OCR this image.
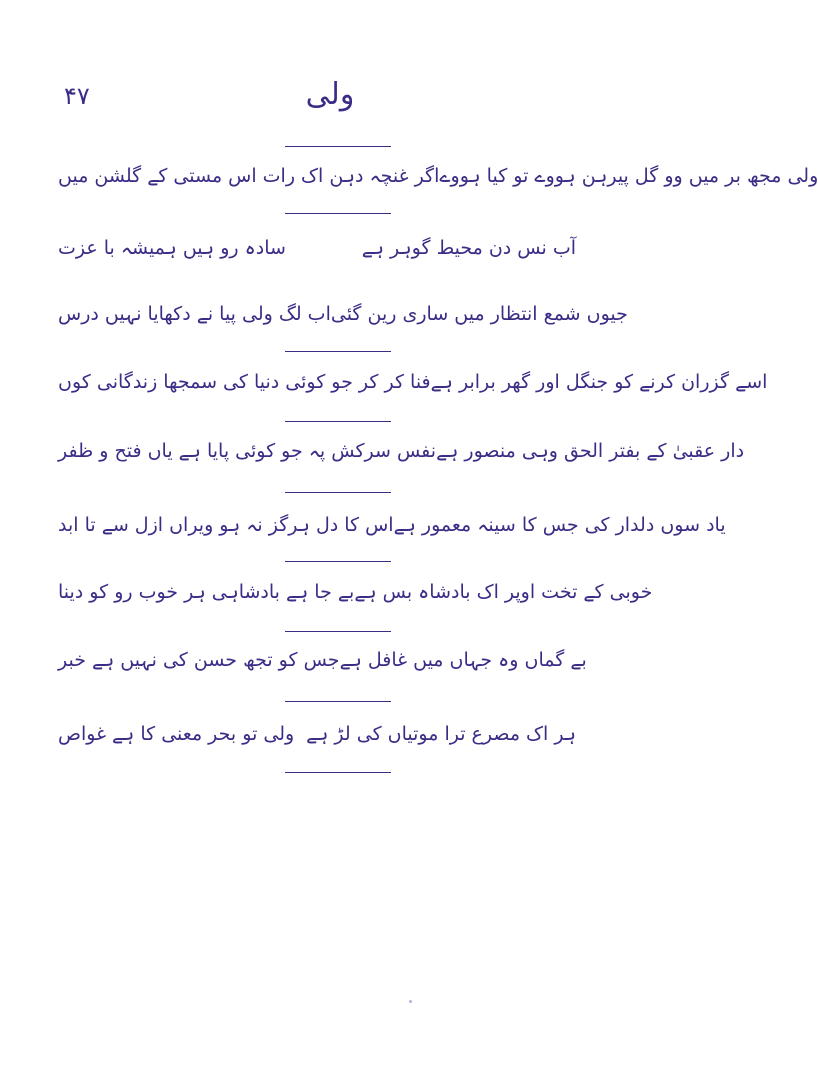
۴۷	ولی
اگر غنچہ دہن اک رات اس مستی کے گلشن میں ولی مجھ بر میں وو گل پیرہن ہووے تو کیا ہووے
سادہ رو ہیں ہمیشہ با عزت	آب نس دن محیط گوہر ہے
اب لگ ولی پیا نے دکھایا نہیں درس جیوں شمع انتظار میں ساری رین گئی
فنا کر کر جو کوئی دنیا کی سمجھا زندگانی کوں اسے گزران کرنے کو جنگل اور گھر برابر ہے
نفس سرکش پہ جو کوئی پایا ہے یاں فتح و ظفر دار عقبیٰ کے بفتر الحق وہی منصور ہے
اس کا دل ہرگز نہ ہو ویراں ازل سے تا ابد یاد سوں دلدار کی جس کا سینہ معمور ہے
بے جا ہے بادشاہی ہر خوب رو کو دینا خوبی کے تخت اوپر اک بادشاہ بس ہے
جس کو تجھ حسن کی نہیں ہے خبر بے گماں وہ جہاں میں غافل ہے
ولی تو بحر معنی کا ہے غواص ہر اک مصرع ترا موتیاں کی لڑ ہے
